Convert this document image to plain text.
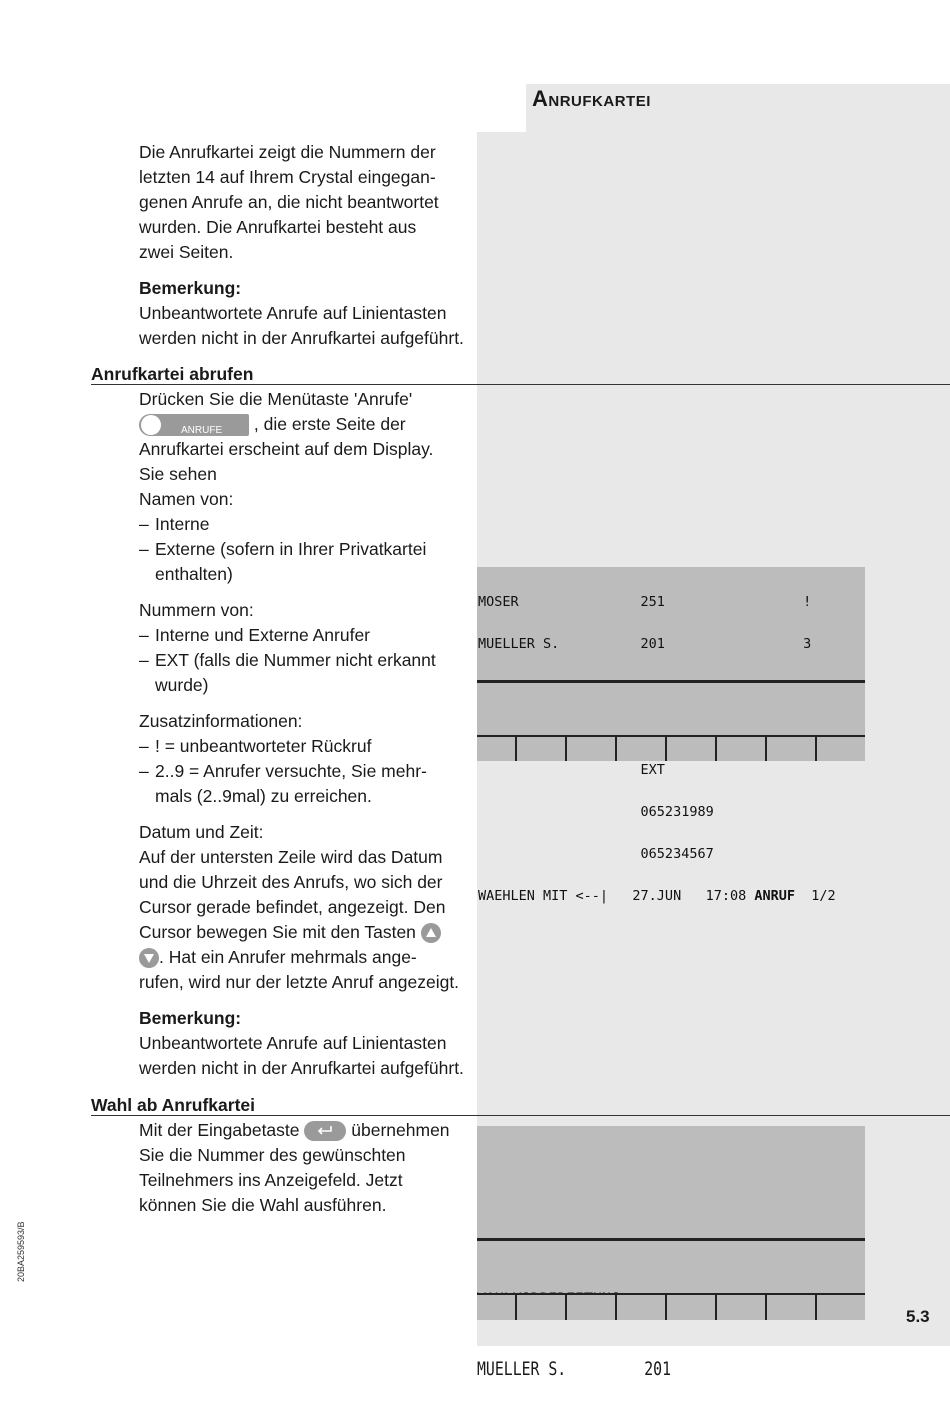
Anrufkartei
Die Anrufkartei zeigt die Nummern der
letzten 14 auf Ihrem Crystal eingegan-
genen Anrufe an, die nicht beantwortet
wurden. Die Anrufkartei besteht aus
zwei Seiten.
Bemerkung:
Unbeantwortete Anrufe auf Linientasten
werden nicht in der Anrufkartei aufgeführt.
Anrufkartei abrufen
Drücken Sie die Menütaste 'Anrufe'
ANRUFE , die erste Seite der
Anrufkartei erscheint auf dem Display.
Sie sehen
Namen von:
– Interne
– Externe (sofern in Ihrer Privatkartei
enthalten)
Nummern von:
– Interne und Externe Anrufer
– EXT (falls die Nummer nicht erkannt
wurde)
Zusatzinformationen:
– ! = unbeantworteter Rückruf
– 2..9 = Anrufer versuchte, Sie mehr-
mals (2..9mal) zu erreichen.
Datum und Zeit:
Auf der untersten Zeile wird das Datum
und die Uhrzeit des Anrufs, wo sich der
Cursor gerade befindet, angezeigt. Den
Cursor bewegen Sie mit den Tasten
. Hat ein Anrufer mehrmals ange-
rufen, wird nur der letzte Anruf angezeigt.
Bemerkung:
Unbeantwortete Anrufe auf Linientasten
werden nicht in der Anrufkartei aufgeführt.

MOSER               251                 !

MUELLER S.          201                 3

EXT

065231989

065234567

WAEHLEN MIT <--|   27.JUN   17:08 ANRUF  1/2

Wahl ab Anrufkartei
Mit der Eingabetaste	übernehmen
Sie die Nummer des gewünschten
Teilnehmers ins Anzeigefeld. Jetzt
können Sie die Wahl ausführen.

MUELLER S.	201

20BA259593/B
5.3
